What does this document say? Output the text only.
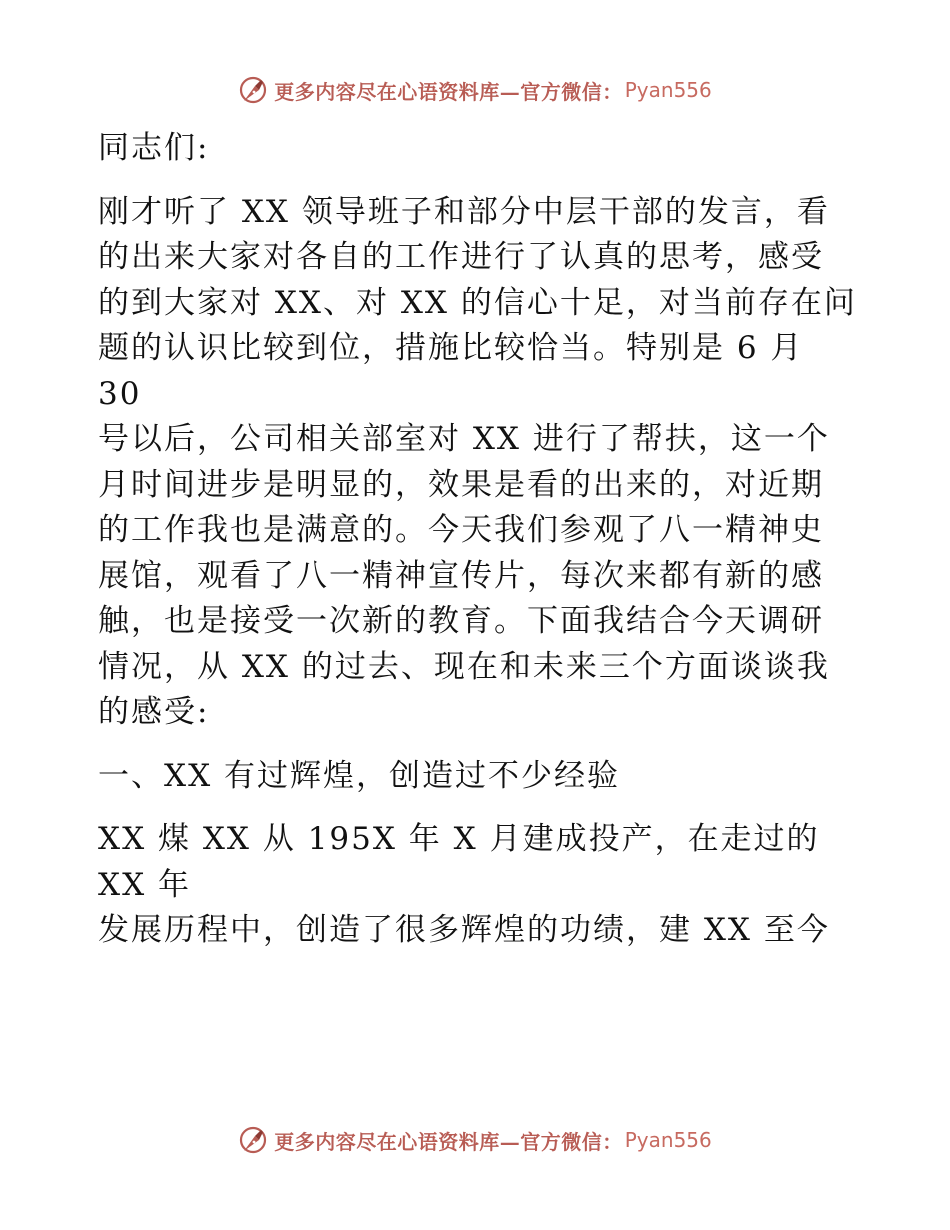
更多内容尽在心语资料库—官方微信： Pyan556

同志们:

刚才听了 XX 领导班子和部分中层干部的发言，看
的出来大家对各自的工作进行了认真的思考，感受
的到大家对 XX、对 XX 的信心十足，对当前存在问
题的认识比较到位，措施比较恰当。特别是 6 月 30
号以后，公司相关部室对 XX 进行了帮扶，这一个
月时间进步是明显的，效果是看的出来的，对近期
的工作我也是满意的。今天我们参观了八一精神史
展馆，观看了八一精神宣传片，每次来都有新的感
触，也是接受一次新的教育。下面我结合今天调研
情况，从 XX 的过去、现在和未来三个方面谈谈我
的感受:

一、XX 有过辉煌，创造过不少经验

XX 煤 XX 从 195X 年 X 月建成投产，在走过的 XX 年
发展历程中，创造了很多辉煌的功绩，建 XX 至今

更多内容尽在心语资料库—官方微信： Pyan556
